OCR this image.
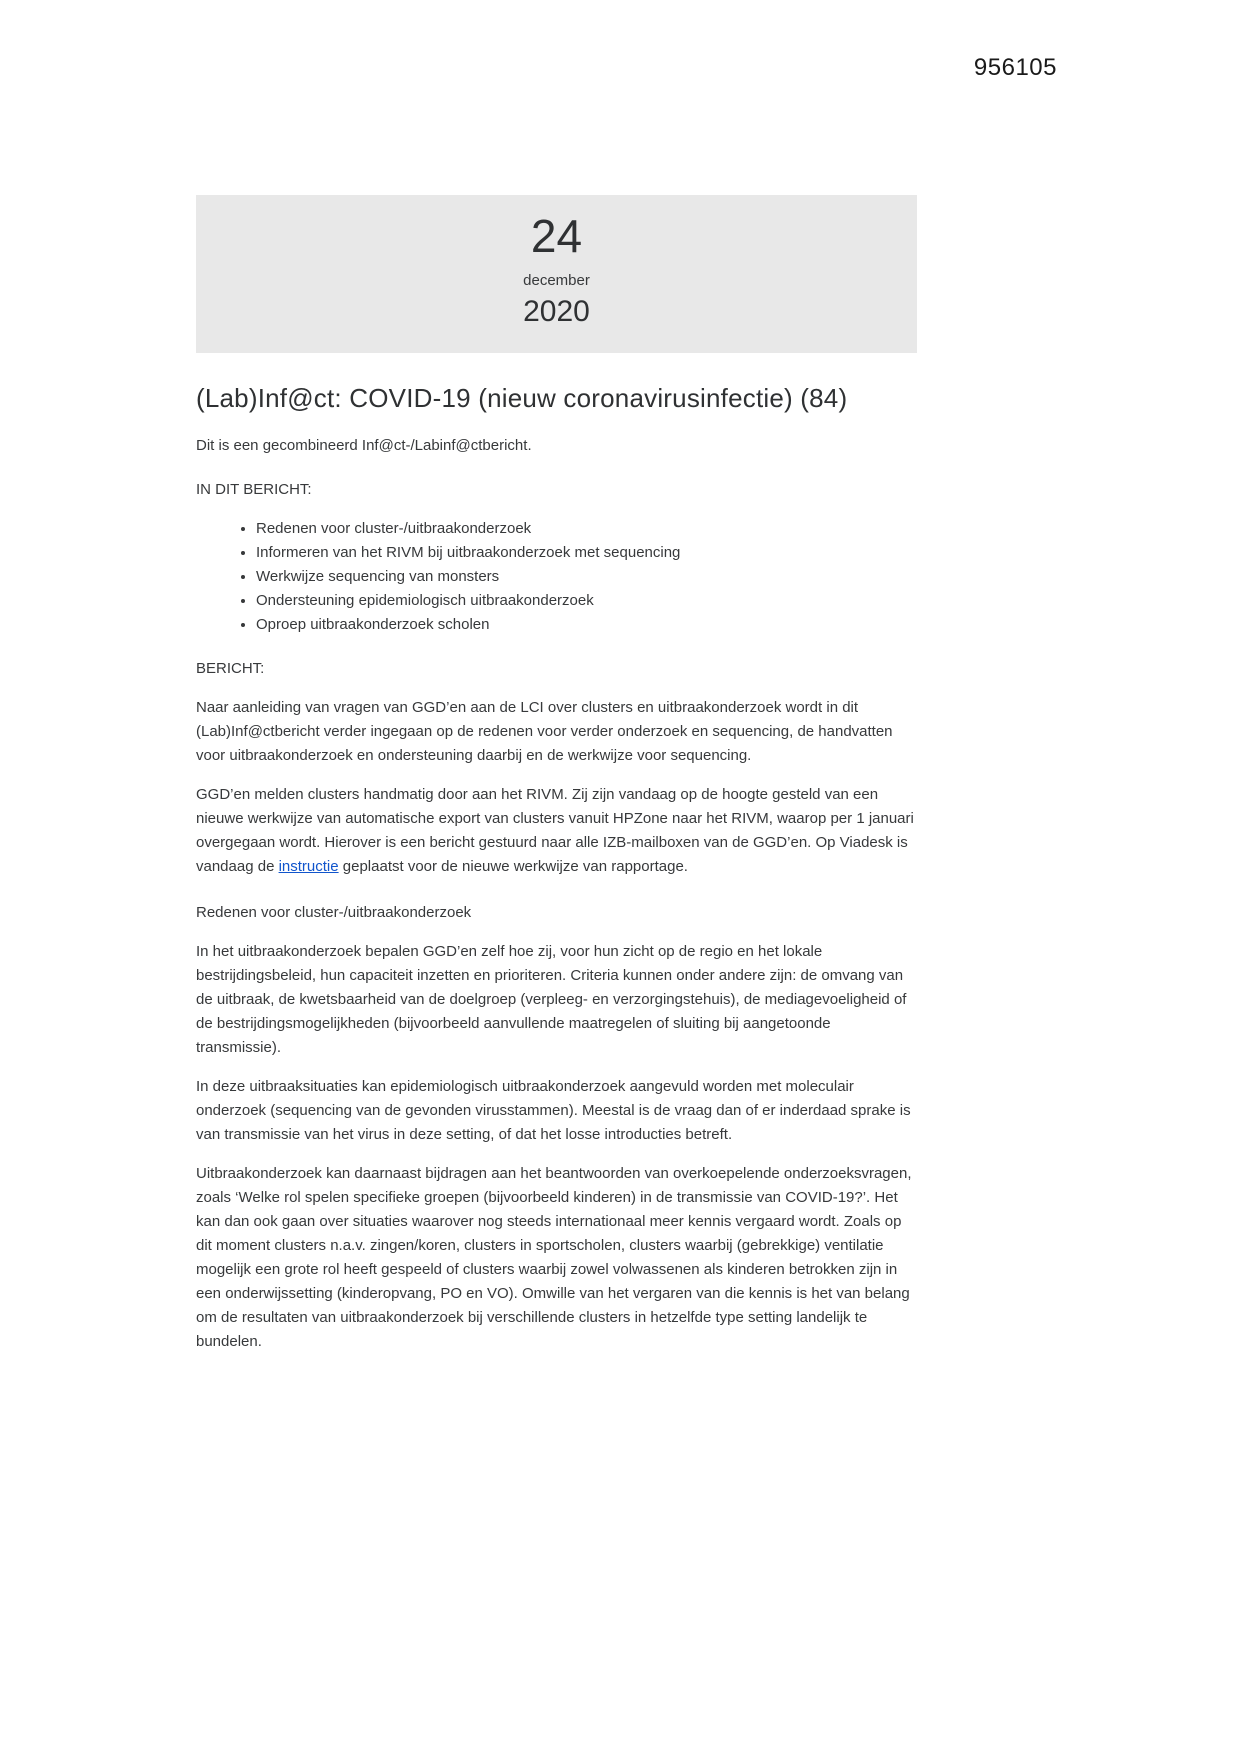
956105
24
december
2020
(Lab)Inf@ct: COVID-19 (nieuw coronavirusinfectie) (84)

Dit is een gecombineerd Inf@ct-/Labinf@ctbericht.

IN DIT BERICHT:

• Redenen voor cluster-/uitbraakonderzoek
• Informeren van het RIVM bij uitbraakonderzoek met sequencing
• Werkwijze sequencing van monsters
• Ondersteuning epidemiologisch uitbraakonderzoek
• Oproep uitbraakonderzoek scholen

BERICHT:

Naar aanleiding van vragen van GGD’en aan de LCI over clusters en uitbraakonderzoek wordt in dit (Lab)Inf@ctbericht verder ingegaan op de redenen voor verder onderzoek en sequencing, de handvatten voor uitbraakonderzoek en ondersteuning daarbij en de werkwijze voor sequencing.

GGD’en melden clusters handmatig door aan het RIVM. Zij zijn vandaag op de hoogte gesteld van een nieuwe werkwijze van automatische export van clusters vanuit HPZone naar het RIVM, waarop per 1 januari overgegaan wordt. Hierover is een bericht gestuurd naar alle IZB-mailboxen van de GGD’en. Op Viadesk is vandaag de instructie geplaatst voor de nieuwe werkwijze van rapportage.

Redenen voor cluster-/uitbraakonderzoek

In het uitbraakonderzoek bepalen GGD’en zelf hoe zij, voor hun zicht op de regio en het lokale bestrijdingsbeleid, hun capaciteit inzetten en prioriteren. Criteria kunnen onder andere zijn: de omvang van de uitbraak, de kwetsbaarheid van de doelgroep (verpleeg- en verzorgingstehuis), de mediagevoeligheid of de bestrijdingsmogelijkheden (bijvoorbeeld aanvullende maatregelen of sluiting bij aangetoonde transmissie).

In deze uitbraaksituaties kan epidemiologisch uitbraakonderzoek aangevuld worden met moleculair onderzoek (sequencing van de gevonden virusstammen). Meestal is de vraag dan of er inderdaad sprake is van transmissie van het virus in deze setting, of dat het losse introducties betreft.

Uitbraakonderzoek kan daarnaast bijdragen aan het beantwoorden van overkoepelende onderzoeksvragen, zoals ‘Welke rol spelen specifieke groepen (bijvoorbeeld kinderen) in de transmissie van COVID-19?’. Het kan dan ook gaan over situaties waarover nog steeds internationaal meer kennis vergaard wordt. Zoals op dit moment clusters n.a.v. zingen/koren, clusters in sportscholen, clusters waarbij (gebrekkige) ventilatie mogelijk een grote rol heeft gespeeld of clusters waarbij zowel volwassenen als kinderen betrokken zijn in een onderwijssetting (kinderopvang, PO en VO). Omwille van het vergaren van die kennis is het van belang om de resultaten van uitbraakonderzoek bij verschillende clusters in hetzelfde type setting landelijk te bundelen.
